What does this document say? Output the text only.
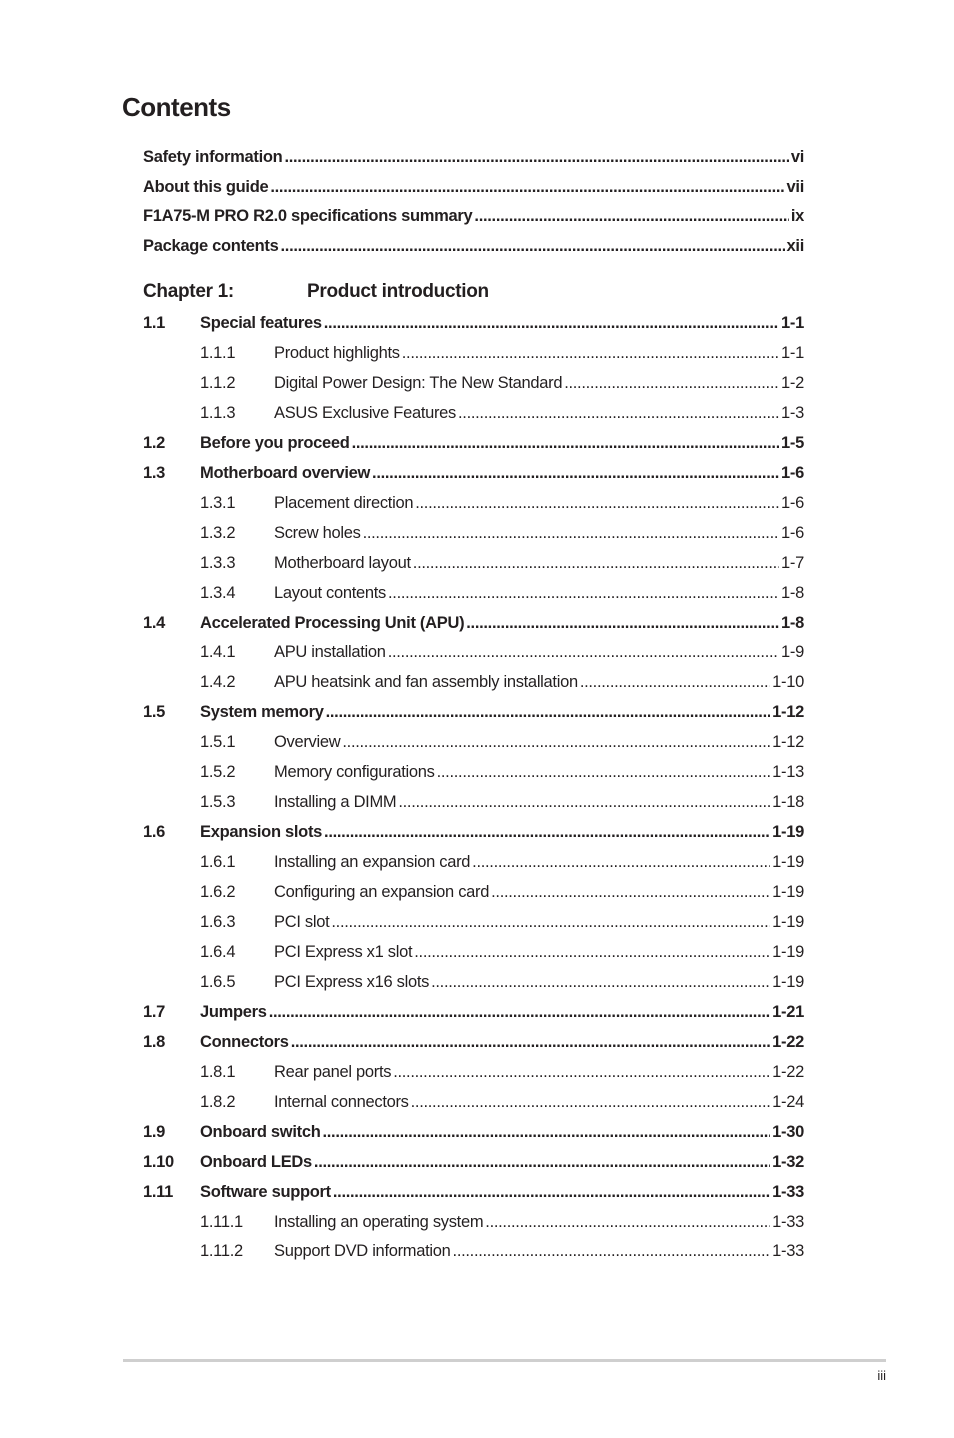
Contents
Safety information .....	vi
About this guide .....	vii
F1A75-M PRO R2.0 specifications summary .....	ix
Package contents .....	xii
Chapter 1:	Product introduction
1.1	Special features .....	1-1
1.1.1	Product highlights .....	1-1
1.1.2	Digital Power Design: The New Standard .....	1-2
1.1.3	ASUS Exclusive Features .....	1-3
1.2	Before you proceed .....	1-5
1.3	Motherboard overview .....	1-6
1.3.1	Placement direction .....	1-6
1.3.2	Screw holes .....	1-6
1.3.3	Motherboard layout .....	1-7
1.3.4	Layout contents .....	1-8
1.4	Accelerated Processing Unit (APU) .....	1-8
1.4.1	APU installation .....	1-9
1.4.2	APU heatsink and fan assembly installation .....	1-10
1.5	System memory .....	1-12
1.5.1	Overview .....	1-12
1.5.2	Memory configurations .....	1-13
1.5.3	Installing a DIMM .....	1-18
1.6	Expansion slots .....	1-19
1.6.1	Installing an expansion card .....	1-19
1.6.2	Configuring an expansion card .....	1-19
1.6.3	PCI slot .....	1-19
1.6.4	PCI Express x1 slot .....	1-19
1.6.5	PCI Express x16 slots .....	1-19
1.7	Jumpers .....	1-21
1.8	Connectors .....	1-22
1.8.1	Rear panel ports .....	1-22
1.8.2	Internal connectors .....	1-24
1.9	Onboard switch .....	1-30
1.10	Onboard LEDs .....	1-32
1.11	Software support .....	1-33
1.11.1	Installing an operating system .....	1-33
1.11.2	Support DVD information .....	1-33
iii
